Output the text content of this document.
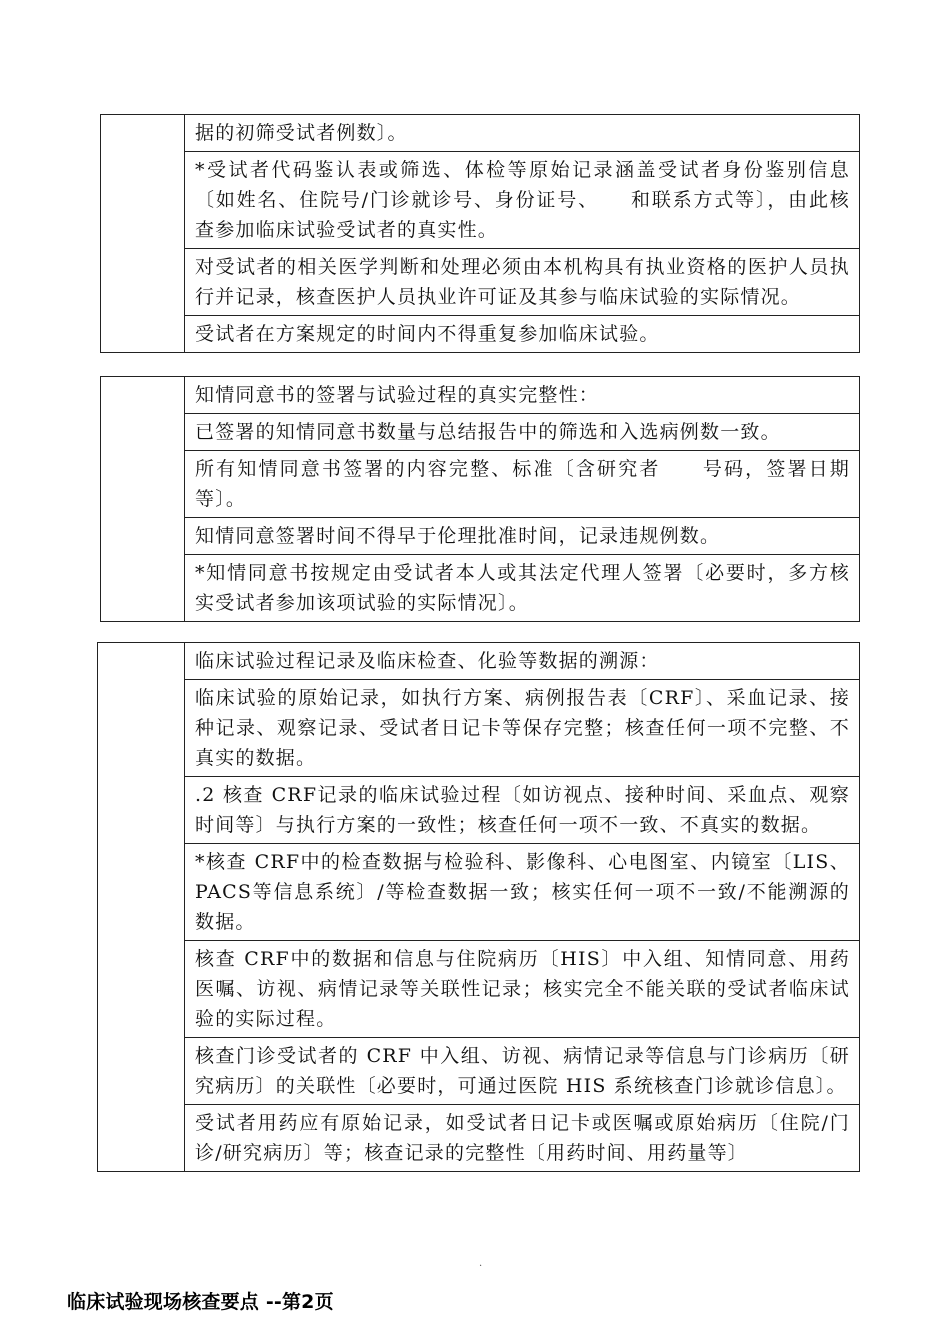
	据的初筛受试者例数〕。
*受试者代码鉴认表或筛选、体检等原始记录涵盖受试者身份鉴别信息〔如姓名、住院号/门诊就诊号、身份证号、　　和联系方式等〕，由此核查参加临床试验受试者的真实性。
对受试者的相关医学判断和处理必须由本机构具有执业资格的医护人员执行并记录，核查医护人员执业许可证及其参与临床试验的实际情况。
受试者在方案规定的时间内不得重复参加临床试验。
	知情同意书的签署与试验过程的真实完整性：
已签署的知情同意书数量与总结报告中的筛选和入选病例数一致。
所有知情同意书签署的内容完整、标准〔含研究者　　号码，签署日期等〕。
知情同意签署时间不得早于伦理批准时间，记录违规例数。
*知情同意书按规定由受试者本人或其法定代理人签署〔必要时，多方核实受试者参加该项试验的实际情况〕。
	临床试验过程记录及临床检查、化验等数据的溯源：
临床试验的原始记录，如执行方案、病例报告表〔CRF〕、采血记录、接种记录、观察记录、受试者日记卡等保存完整；核查任何一项不完整、不真实的数据。
.2 核查 CRF记录的临床试验过程〔如访视点、接种时间、采血点、观察时间等〕与执行方案的一致性；核查任何一项不一致、不真实的数据。
*核查 CRF中的检查数据与检验科、影像科、心电图室、内镜室〔LIS、PACS等信息系统〕/等检查数据一致；核实任何一项不一致/不能溯源的数据。
核查 CRF中的数据和信息与住院病历〔HIS〕中入组、知情同意、用药医嘱、访视、病情记录等关联性记录；核实完全不能关联的受试者临床试验的实际过程。
核查门诊受试者的 CRF 中入组、访视、病情记录等信息与门诊病历〔研究病历〕的关联性〔必要时，可通过医院 HIS 系统核查门诊就诊信息〕。
受试者用药应有原始记录，如受试者日记卡或医嘱或原始病历〔住院/门诊/研究病历〕等；核查记录的完整性〔用药时间、用药量等〕
.
临床试验现场核查要点 --第2页
